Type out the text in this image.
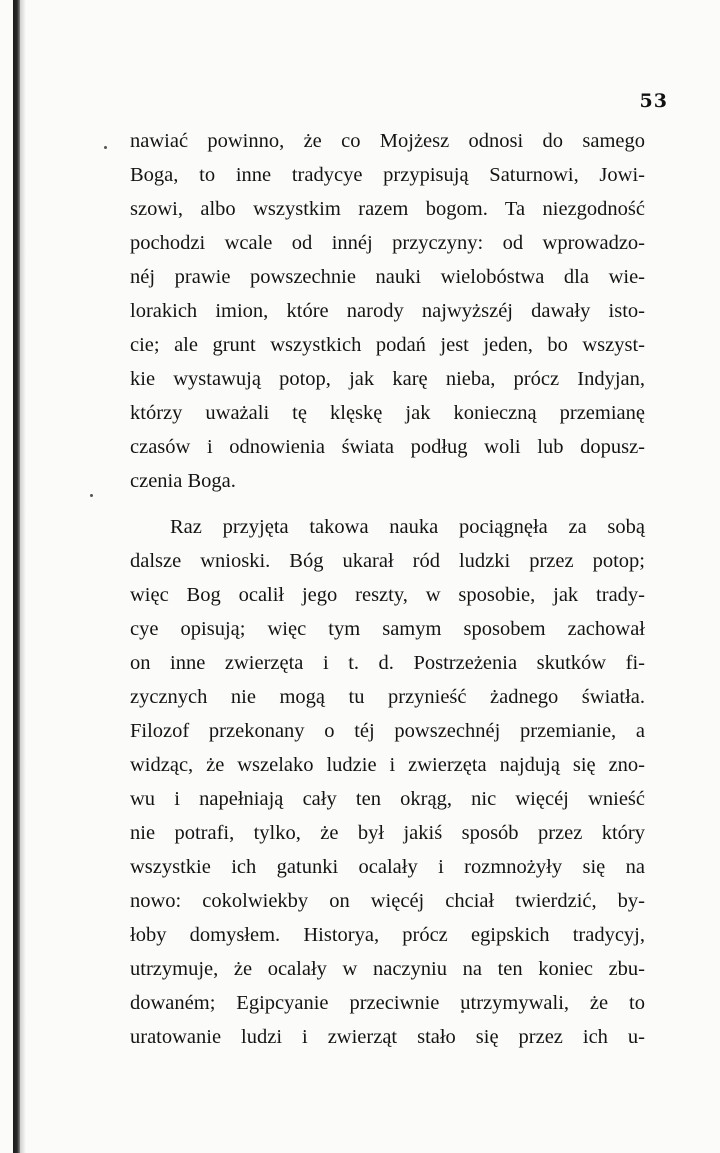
53
nawiać powinno, że co Mojżesz odnosi do samego
Boga, to inne tradycye przypisują Saturnowi, Jowi-
szowi, albo wszystkim razem bogom. Ta niezgodność
pochodzi wcale od innéj przyczyny: od wprowadzo-
néj prawie powszechnie nauki wielobóstwa dla wie-
lorakich imion, które narody najwyższéj dawały isto-
cie; ale grunt wszystkich podań jest jeden, bo wszyst-
kie wystawują potop, jak karę nieba, prócz Indyjan,
którzy uważali tę klęskę jak konieczną przemianę
czasów i odnowienia świata podług woli lub dopusz-
czenia Boga.
Raz przyjęta takowa nauka pociągnęła za sobą
dalsze wnioski. Bóg ukarał ród ludzki przez potop;
więc Bog ocalił jego reszty, w sposobie, jak trady-
cye opisują; więc tym samym sposobem zachował
on inne zwierzęta i t. d. Postrzeżenia skutków fi-
zycznych nie mogą tu przynieść żadnego światła.
Filozof przekonany o téj powszechnéj przemianie, a
widząc, że wszelako ludzie i zwierzęta najdują się zno-
wu i napełniają cały ten okrąg, nic więcéj wnieść
nie potrafi, tylko, że był jakiś sposób przez który
wszystkie ich gatunki ocalały i rozmnożyły się na
nowo: cokolwiekby on więcéj chciał twierdzić, by-
łoby domysłem. Historya, prócz egipskich tradycyj,
utrzymuje, że ocalały w naczyniu na ten koniec zbu-
dowaném; Egipcyanie przeciwnie utrzymywali, że to
uratowanie ludzi i zwierząt stało się przez ich u-
